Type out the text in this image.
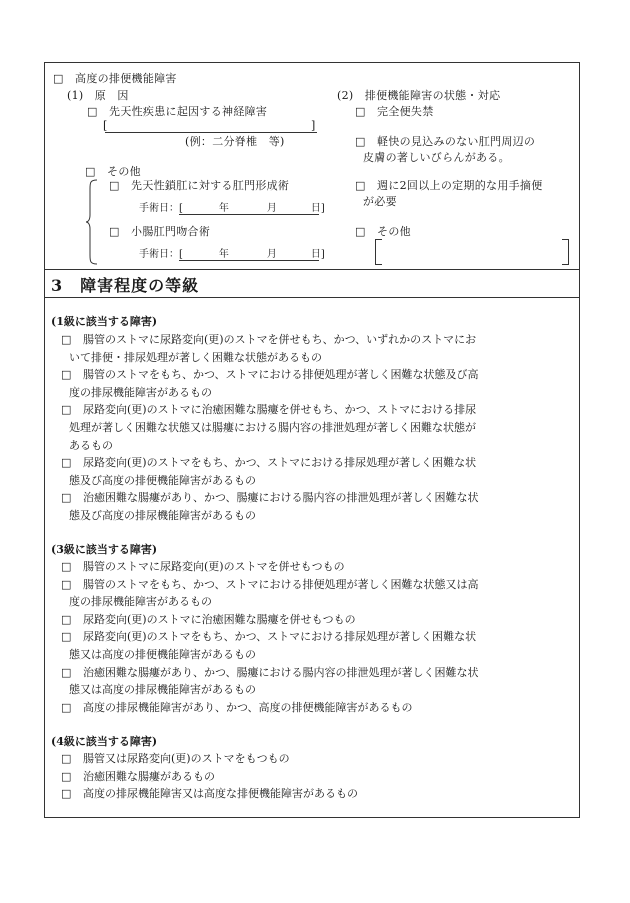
□　 高度の排便機能障害
(1)　原　因
□　 先天性疾患に起因する神経障害
[	]
(例：二分脊椎　等)
□　 その他
□　 先天性鎖肛に対する肛門形成術
手術日：[	年	月	日]
□　 小腸肛門吻合術
手術日：[	年	月	日]
(2)　排便機能障害の状態・対応
□　 完全便失禁
□　 軽快の見込みのない肛門周辺の
皮膚の著しいびらんがある。
□　 週に2回以上の定期的な用手摘便
が必要
□　 その他
3　障害程度の等級
(1級に該当する障害)
□ 腸管のストマに尿路変向(更)のストマを併せもち、かつ、いずれかのストマにお
いて排便・排尿処理が著しく困難な状態があるもの
□ 腸管のストマをもち、かつ、ストマにおける排便処理が著しく困難な状態及び高
度の排尿機能障害があるもの
□ 尿路変向(更)のストマに治癒困難な腸瘻を併せもち、かつ、ストマにおける排尿
処理が著しく困難な状態又は腸瘻における腸内容の排泄処理が著しく困難な状態が
あるもの
□ 尿路変向(更)のストマをもち、かつ、ストマにおける排尿処理が著しく困難な状
態及び高度の排便機能障害があるもの
□ 治癒困難な腸瘻があり、かつ、腸瘻における腸内容の排泄処理が著しく困難な状
態及び高度の排尿機能障害があるもの
(3級に該当する障害)
□ 腸管のストマに尿路変向(更)のストマを併せもつもの
□ 腸管のストマをもち、かつ、ストマにおける排便処理が著しく困難な状態又は高
度の排尿機能障害があるもの
□ 尿路変向(更)のストマに治癒困難な腸瘻を併せもつもの
□ 尿路変向(更)のストマをもち、かつ、ストマにおける排尿処理が著しく困難な状
態又は高度の排便機能障害があるもの
□ 治癒困難な腸瘻があり、かつ、腸瘻における腸内容の排泄処理が著しく困難な状
態又は高度の排尿機能障害があるもの
□ 高度の排尿機能障害があり、かつ、高度の排便機能障害があるもの
(4級に該当する障害)
□ 腸管又は尿路変向(更)のストマをもつもの
□ 治癒困難な腸瘻があるもの
□ 高度の排尿機能障害又は高度な排便機能障害があるもの
